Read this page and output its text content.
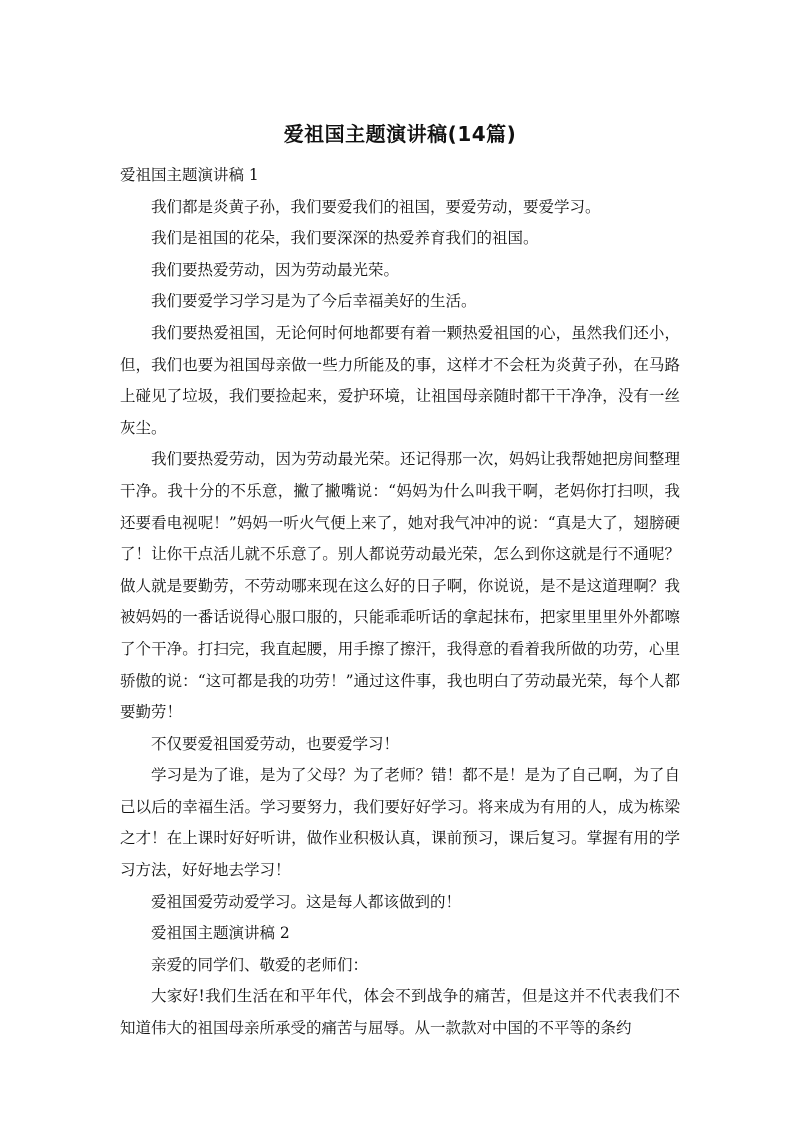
爱祖国主题演讲稿(14篇)

爱祖国主题演讲稿 1

我们都是炎黄子孙，我们要爱我们的祖国，要爱劳动，要爱学习。

我们是祖国的花朵，我们要深深的热爱养育我们的祖国。

我们要热爱劳动，因为劳动最光荣。

我们要爱学习学习是为了今后幸福美好的生活。

我们要热爱祖国，无论何时何地都要有着一颗热爱祖国的心，虽然我们还小，但，我们也要为祖国母亲做一些力所能及的事，这样才不会枉为炎黄子孙，在马路上碰见了垃圾，我们要捡起来，爱护环境，让祖国母亲随时都干干净净，没有一丝灰尘。

我们要热爱劳动，因为劳动最光荣。还记得那一次，妈妈让我帮她把房间整理干净。我十分的不乐意，撇了撇嘴说：“妈妈为什么叫我干啊，老妈你打扫呗，我还要看电视呢！”妈妈一听火气便上来了，她对我气冲冲的说：“真是大了，翅膀硬了！让你干点活儿就不乐意了。别人都说劳动最光荣，怎么到你这就是行不通呢？做人就是要勤劳，不劳动哪来现在这么好的日子啊，你说说，是不是这道理啊？我被妈妈的一番话说得心服口服的，只能乖乖听话的拿起抹布，把家里里里外外都嚓了个干净。打扫完，我直起腰，用手擦了擦汗，我得意的看着我所做的功劳，心里骄傲的说：“这可都是我的功劳！”通过这件事，我也明白了劳动最光荣，每个人都要勤劳！

不仅要爱祖国爱劳动，也要爱学习！

学习是为了谁，是为了父母？为了老师？错！都不是！是为了自己啊，为了自己以后的幸福生活。学习要努力，我们要好好学习。将来成为有用的人，成为栋梁之才！在上课时好好听讲，做作业积极认真，课前预习，课后复习。掌握有用的学习方法，好好地去学习！

爱祖国爱劳动爱学习。这是每人都该做到的！

爱祖国主题演讲稿 2

亲爱的同学们、敬爱的老师们：

大家好!我们生活在和平年代，体会不到战争的痛苦，但是这并不代表我们不知道伟大的祖国母亲所承受的痛苦与屈辱。从一款款对中国的不平等的条约
